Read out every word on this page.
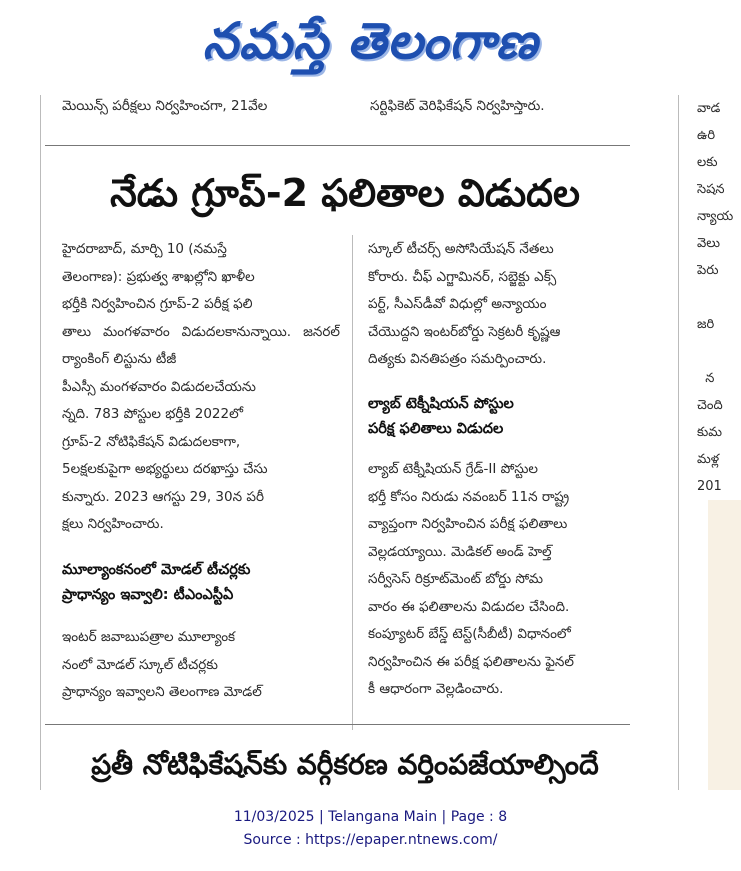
నమస్తే తెలంగాణ
మెయిన్స్ పరీక్షలు నిర్వహించగా, 21వేల	సర్టిఫికెట్ వెరిఫికేషన్ నిర్వహిస్తారు.
నేడు గ్రూప్-2 ఫలితాల విడుదల

హైదరాబాద్, మార్చి 10 (నమస్తే
తెలంగాణ): ప్రభుత్వ శాఖల్లోని ఖాళీల
భర్తీకి నిర్వహించిన గ్రూప్-2 పరీక్ష ఫలి
తాలు మంగళవారం విడుదలకానున్నాయి. జనరల్ ర్యాంకింగ్ లిస్టును టీజీ
పీఎస్సీ మంగళవారం విడుదలచేయను
న్నది. 783 పోస్టుల భర్తీకి 2022లో
గ్రూప్-2 నోటిఫికేషన్ విడుదలకాగా,
5లక్షలకుపైగా అభ్యర్థులు దరఖాస్తు చేసు
కున్నారు. 2023 ఆగస్టు 29, 30న పరీ
క్షలు నిర్వహించారు.

మూల్యాంకనంలో మోడల్ టీచర్లకు
ప్రాధాన్యం ఇవ్వాలి: టీఎంఎస్టీఏ

ఇంటర్ జవాబుపత్రాల మూల్యాంక
నంలో మోడల్ స్కూల్ టీచర్లకు
ప్రాధాన్యం ఇవ్వాలని తెలంగాణ మోడల్

స్కూల్ టీచర్స్ అసోసియేషన్ నేతలు
కోరారు. చీఫ్ ఎగ్జామినర్, సబ్జెక్టు ఎక్స్
పర్ట్, సీఎస్‌డీవో విధుల్లో అన్యాయం
చేయొద్దని ఇంటర్‌బోర్డు సెక్రటరీ కృష్ణఆ
దిత్యకు వినతిపత్రం సమర్పించారు.

ల్యాబ్ టెక్నీషియన్ పోస్టుల
పరీక్ష ఫలితాలు విడుదల

ల్యాబ్ టెక్నీషియన్ గ్రేడ్-II పోస్టుల
భర్తీ కోసం నిరుడు నవంబర్ 11న రాష్ట్ర
వ్యాప్తంగా నిర్వహించిన పరీక్ష ఫలితాలు
వెల్లడయ్యాయి. మెడికల్ అండ్ హెల్త్
సర్వీసెస్ రిక్రూట్‌మెంట్ బోర్డు సోమ
వారం ఈ ఫలితాలను విడుదల చేసింది.
కంప్యూటర్ బేస్డ్ టెస్ట్(సీబీటీ) విధానంలో
నిర్వహించిన ఈ పరీక్ష ఫలితాలను ఫైనల్
కీ ఆధారంగా వెల్లడించారు.

ప్రతీ నోటిఫికేషన్‌కు వర్గీకరణ వర్తింపజేయాల్సిందే
వాడ
ఉరి
లకు
సెషన
న్యాయ
వెలు
పెరు

జరి

న
చెంది
కుమ
మళ్ల
201
11/03/2025 | Telangana Main | Page : 8
Source : https://epaper.ntnews.com/
